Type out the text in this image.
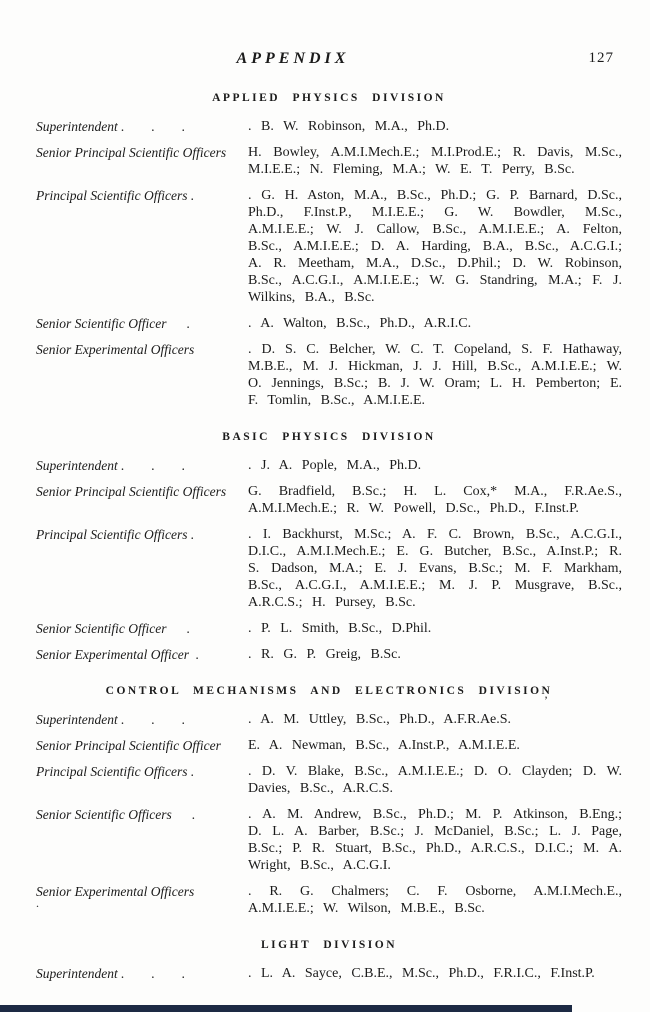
APPENDIX	127
APPLIED PHYSICS DIVISION
Superintendent .  .  .	. B. W. Robinson, M.A., Ph.D.
Senior Principal Scientific Officers	H. Bowley, A.M.I.Mech.E.; M.I.Prod.E.; R. Davis, M.Sc., M.I.E.E.; N. Fleming, M.A.; W. E. T. Perry, B.Sc.
Principal Scientific Officers .	. G. H. Aston, M.A., B.Sc., Ph.D.; G. P. Barnard, D.Sc., Ph.D., F.Inst.P., M.I.E.E.; G. W. Bowdler, M.Sc., A.M.I.E.E.; W. J. Callow, B.Sc., A.M.I.E.E.; A. Felton, B.Sc., A.M.I.E.E.; D. A. Harding, B.A., B.Sc., A.C.G.I.; A. R. Meetham, M.A., D.Sc., D.Phil.; D. W. Robinson, B.Sc., A.C.G.I., A.M.I.E.E.; W. G. Standring, M.A.; F. J. Wilkins, B.A., B.Sc.
Senior Scientific Officer  .	. A. Walton, B.Sc., Ph.D., A.R.I.C.
Senior Experimental Officers	. D. S. C. Belcher, W. C. T. Copeland, S. F. Hathaway, M.B.E., M. J. Hickman, J. J. Hill, B.Sc., A.M.I.E.E.; W. O. Jennings, B.Sc.; B. J. W. Oram; L. H. Pemberton; E. F. Tomlin, B.Sc., A.M.I.E.E.
BASIC PHYSICS DIVISION
Superintendent .  .  .	. J. A. Pople, M.A., Ph.D.
Senior Principal Scientific Officers	G. Bradfield, B.Sc.; H. L. Cox,* M.A., F.R.Ae.S., A.M.I.Mech.E.; R. W. Powell, D.Sc., Ph.D., F.Inst.P.
Principal Scientific Officers .	. I. Backhurst, M.Sc.; A. F. C. Brown, B.Sc., A.C.G.I., D.I.C., A.M.I.Mech.E.; E. G. Butcher, B.Sc., A.Inst.P.; R. S. Dadson, M.A.; E. J. Evans, B.Sc.; M. F. Markham, B.Sc., A.C.G.I., A.M.I.E.E.; M. J. P. Musgrave, B.Sc., A.R.C.S.; H. Pursey, B.Sc.
Senior Scientific Officer  .	. P. L. Smith, B.Sc., D.Phil.
Senior Experimental Officer .	. R. G. P. Greig, B.Sc.
CONTROL MECHANISMS AND ELECTRONICS DIVISION
Superintendent .  .  .	. A. M. Uttley, B.Sc., Ph.D., A.F.R.Ae.S.
Senior Principal Scientific Officer	E. A. Newman, B.Sc., A.Inst.P., A.M.I.E.E.
Principal Scientific Officers .	. D. V. Blake, B.Sc., A.M.I.E.E.; D. O. Clayden; D. W. Davies, B.Sc., A.R.C.S.
Senior Scientific Officers  .	. A. M. Andrew, B.Sc., Ph.D.; M. P. Atkinson, B.Eng.; D. L. A. Barber, B.Sc.; J. McDaniel, B.Sc.; L. J. Page, B.Sc.; P. R. Stuart, B.Sc., Ph.D., A.R.C.S., D.I.C.; M. A. Wright, B.Sc., A.C.G.I.
Senior Experimental Officers	. R. G. Chalmers; C. F. Osborne, A.M.I.Mech.E., A.M.I.E.E.; W. Wilson, M.B.E., B.Sc.
LIGHT DIVISION
Superintendent .  .  .	. L. A. Sayce, C.B.E., M.Sc., Ph.D., F.R.I.C., F.Inst.P.
’
.
